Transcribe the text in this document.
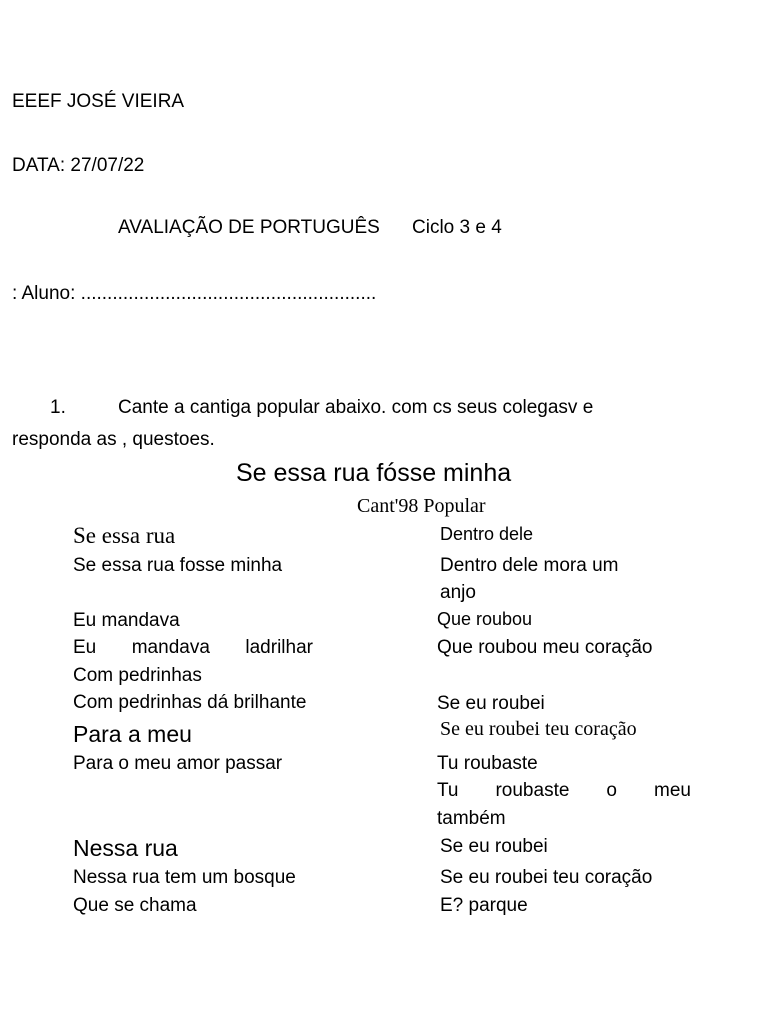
EEEF JOSÉ VIEIRA
DATA: 27/07/22
AVALIAÇÃO DE PORTUGUÊS Ciclo 3 e 4
: Aluno: ........................................................
1.	Cante a cantiga popular abaixo. com cs seus colegasv e
responda as , questoes.
Se essa rua fósse minha
Cant'98 Popular
Se essa rua
Se essa rua fosse minha
Eu mandava
Eu mandava ladrilhar
Com pedrinhas
Com pedrinhas dá brilhante
Para a meu
Para o meu amor passar
Nessa rua
Nessa rua tem um bosque
Que se chama
Dentro dele
Dentro dele mora um
anjo
Que roubou
Que roubou meu coração
Se eu roubei
Se eu roubei teu coração
Tu roubaste
Tu roubaste o meu
também
Se eu roubei
Se eu roubei teu coração
E? parque
